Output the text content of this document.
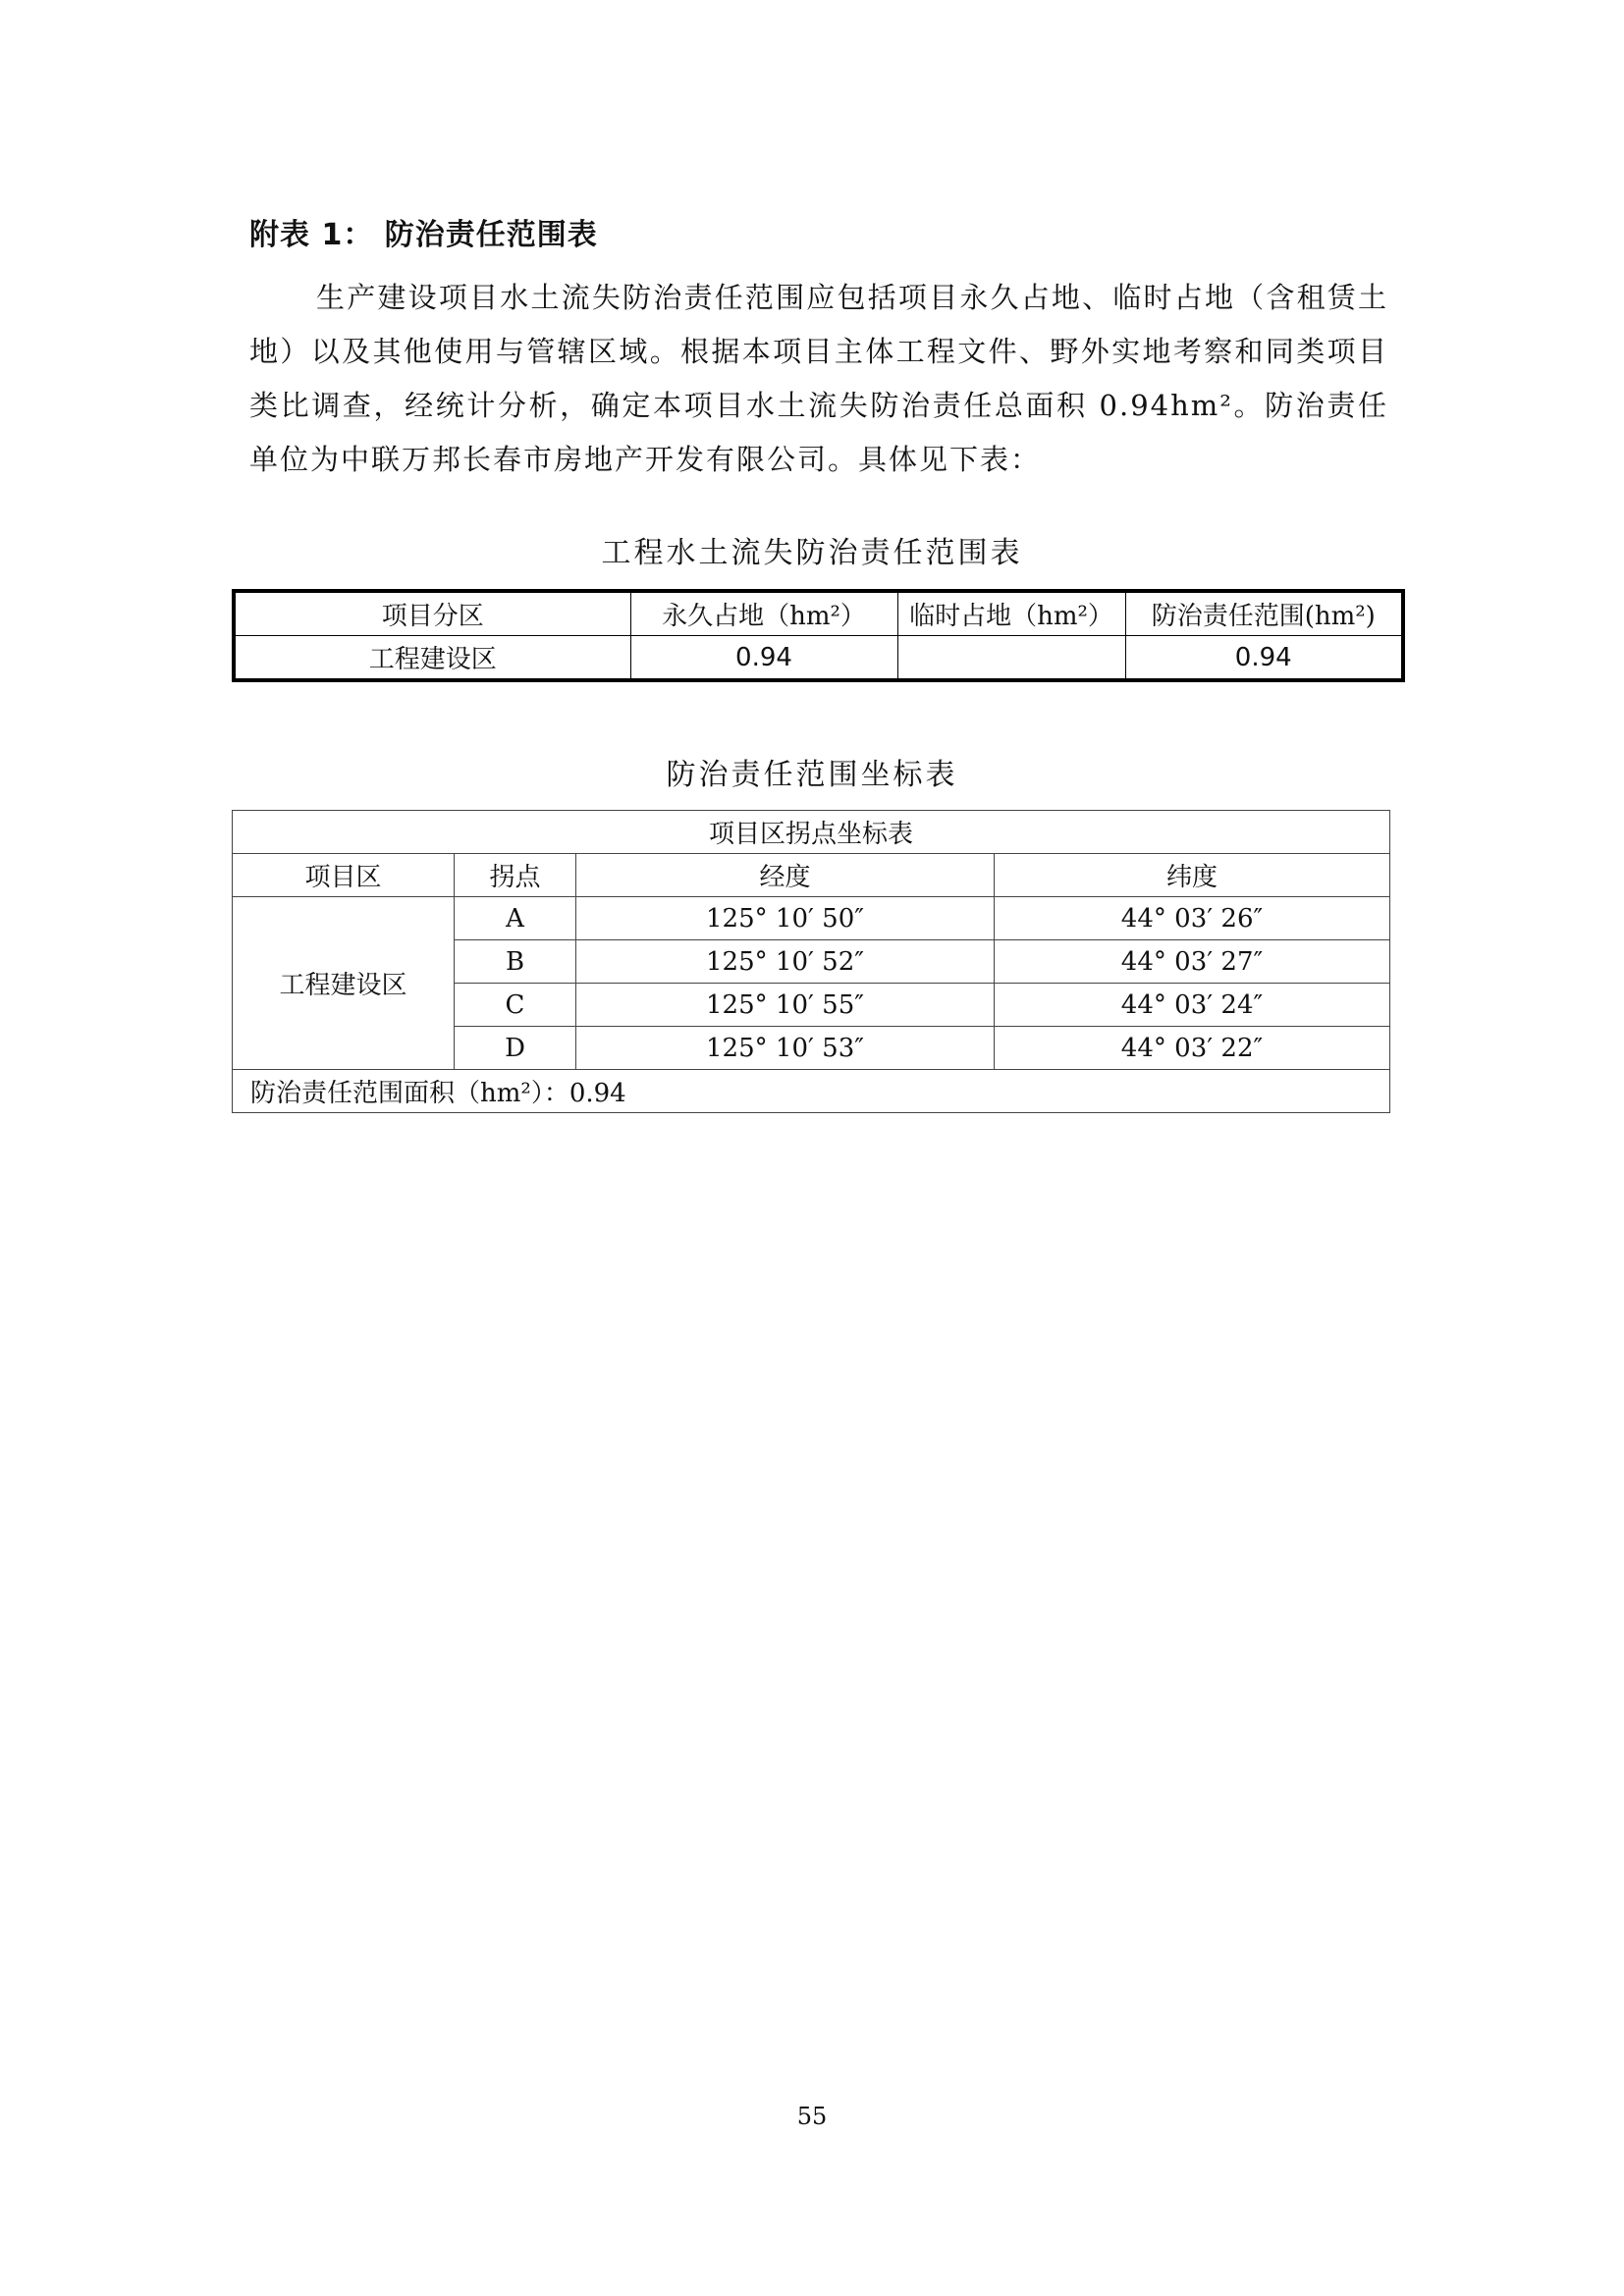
附表 1： 防治责任范围表
生产建设项目水土流失防治责任范围应包括项目永久占地、临时占地（含租赁土地）以及其他使用与管辖区域。根据本项目主体工程文件、野外实地考察和同类项目类比调查，经统计分析，确定本项目水土流失防治责任总面积 0.94hm²。防治责任单位为中联万邦长春市房地产开发有限公司。具体见下表：
工程水土流失防治责任范围表
项目分区	永久占地（hm²）	临时占地（hm²）	防治责任范围(hm²)
工程建设区	0.94		0.94
防治责任范围坐标表
项目区拐点坐标表			
项目区	拐点	经度	纬度
工程建设区	A	125° 10′ 50″	44° 03′ 26″
	B	125° 10′ 52″	44° 03′ 27″
	C	125° 10′ 55″	44° 03′ 24″
	D	125° 10′ 53″	44° 03′ 22″
防治责任范围面积（hm²）：0.94			
55
